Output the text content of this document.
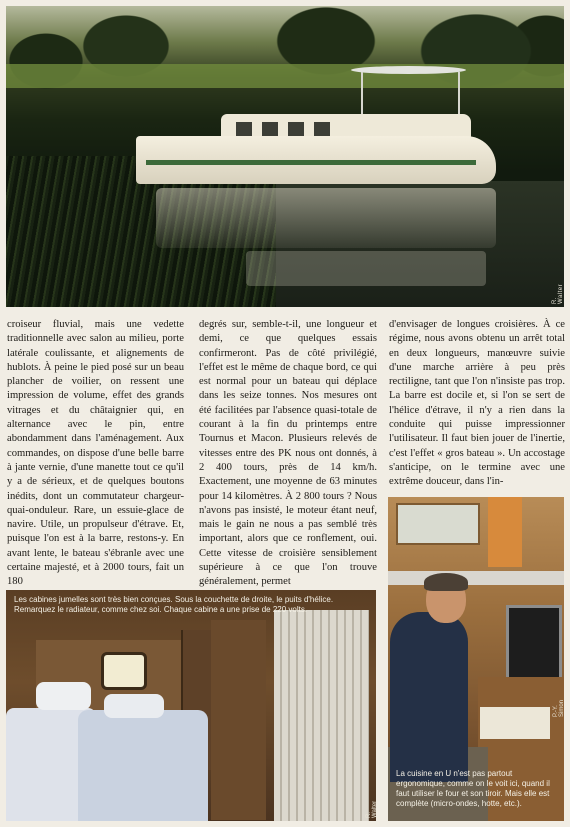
R. Walter

croiseur fluvial, mais une vedette traditionnelle avec salon au milieu, porte latérale coulissante, et alignements de hublots. À peine le pied posé sur un beau plancher de voilier, on ressent une impression de volume, effet des grands vitrages et du châtaignier qui, en alternance avec le pin, entre abondamment dans l'aménagement. Aux commandes, on dispose d'une belle barre à jante vernie, d'une manette tout ce qu'il y a de sérieux, et de quelques boutons inédits, dont un commutateur chargeur-quai-onduleur. Rare, un essuie-glace de navire. Utile, un propulseur d'étrave. Et, puisque l'on est à la barre, restons-y. En avant lente, le bateau s'ébranle avec une certaine majesté, et à 2000 tours, fait un 180

degrés sur, semble-t-il, une longueur et demi, ce que quelques essais confirmeront. Pas de côté privilégié, l'effet est le même de chaque bord, ce qui est normal pour un bateau qui déplace dans les seize tonnes. Nos mesures ont été facilitées par l'absence quasi-totale de courant à la fin du printemps entre Tournus et Macon. Plusieurs relevés de vitesses entre des PK nous ont donnés, à 2 400 tours, près de 14 km/h. Exactement, une moyenne de 63 minutes pour 14 kilomètres. À 2 800 tours ? Nous n'avons pas insisté, le moteur étant neuf, mais le gain ne nous a pas semblé très important, alors que ce ronflement, oui. Cette vitesse de croisière sensiblement supérieure à ce que l'on trouve généralement, permet

d'envisager de longues croisières. À ce régime, nous avons obtenu un arrêt total en deux longueurs, manœuvre suivie d'une marche arrière à peu près rectiligne, tant que l'on n'insiste pas trop. La barre est docile et, si l'on se sert de l'hélice d'étrave, il n'y a rien dans la conduite qui puisse impressionner l'utilisateur. Il faut bien jouer de l'inertie, c'est l'effet « gros bateau ». Un accostage s'anticipe, on le termine avec une extrême douceur, dans l'in-

R. Walter
Les cabines jumelles sont très bien conçues. Sous la couchette de droite, le puits d'hélice. Remarquez le radiateur, comme chez soi. Chaque cabine a une prise de 220 volts.
P.-Y. Simon
La cuisine en U n'est pas partout ergonomique, comme on le voit ici, quand il faut utiliser le four et son tiroir. Mais elle est complète (micro-ondes, hotte, etc.).
